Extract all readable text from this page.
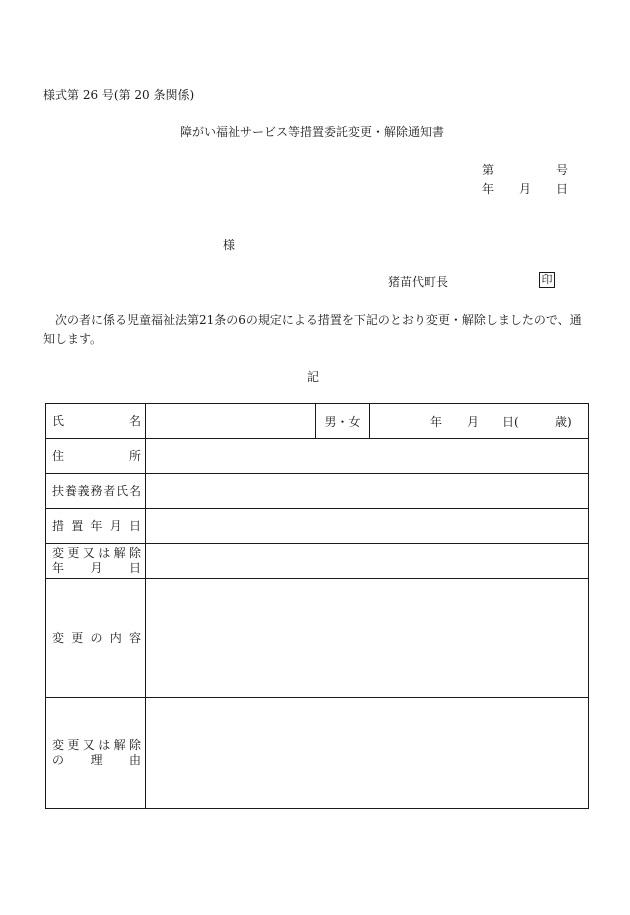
様式第 26 号(第 20 条関係)
障がい福祉サービス等措置委託変更・解除通知書
第	号
年 月 日
様
猪苗代町長	印
次の者に係る児童福祉法第21条の6の規定による措置を下記のとおり変更・解除しましたので、通知します。
記
氏　　　　名		男・女	年 月 日( 歳)

住　　　　所			

扶養義務者氏名			

措置年月日			

変更又は解除
年　　月　　日			

変更の内容			

変更又は解除
の　　理　　由			
